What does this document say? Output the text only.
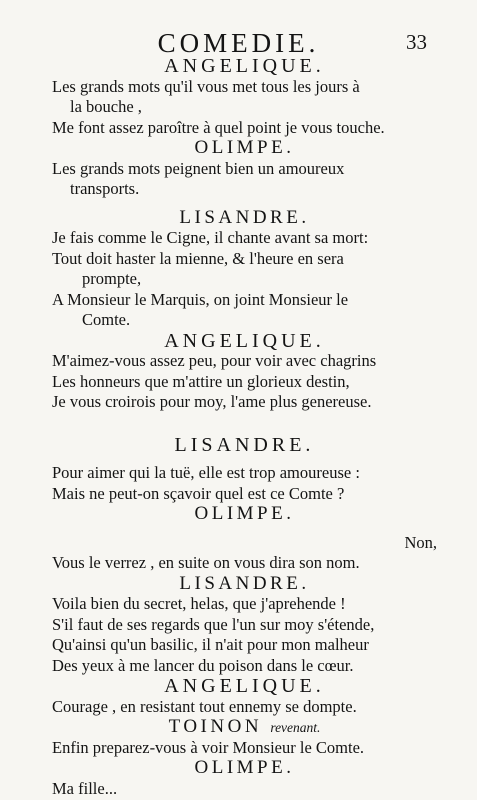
COMEDIE.	33
ANGELIQUE.
Les grands mots qu'il vous met tous les jours à
la bouche ,
Me font assez paroître à quel point je vous touche.
OLIMPE.
Les grands mots peignent bien un amoureux
transports.
LISANDRE.
Je fais comme le Cigne, il chante avant sa mort:
Tout doit haster la mienne, & l'heure en sera
prompte,
A Monsieur le Marquis, on joint Monsieur le
Comte.
ANGELIQUE.
M'aimez-vous assez peu, pour voir avec chagrins
Les honneurs que m'attire un glorieux destin,
Je vous croirois pour moy, l'ame plus genereuse.
LISANDRE.
Pour aimer qui la tuë, elle est trop amoureuse :
Mais ne peut-on sçavoir quel est ce Comte ?
OLIMPE.
Non,
Vous le verrez , en suite on vous dira son nom.
LISANDRE.
Voila bien du secret, helas, que j'aprehende !
S'il faut de ses regards que l'un sur moy s'étende,
Qu'ainsi qu'un basilic, il n'ait pour mon malheur
Des yeux à me lancer du poison dans le cœur.
ANGELIQUE.
Courage , en resistant tout ennemy se dompte.
TOINON revenant.
Enfin preparez-vous à voir Monsieur le Comte.
OLIMPE.
Ma fille...
